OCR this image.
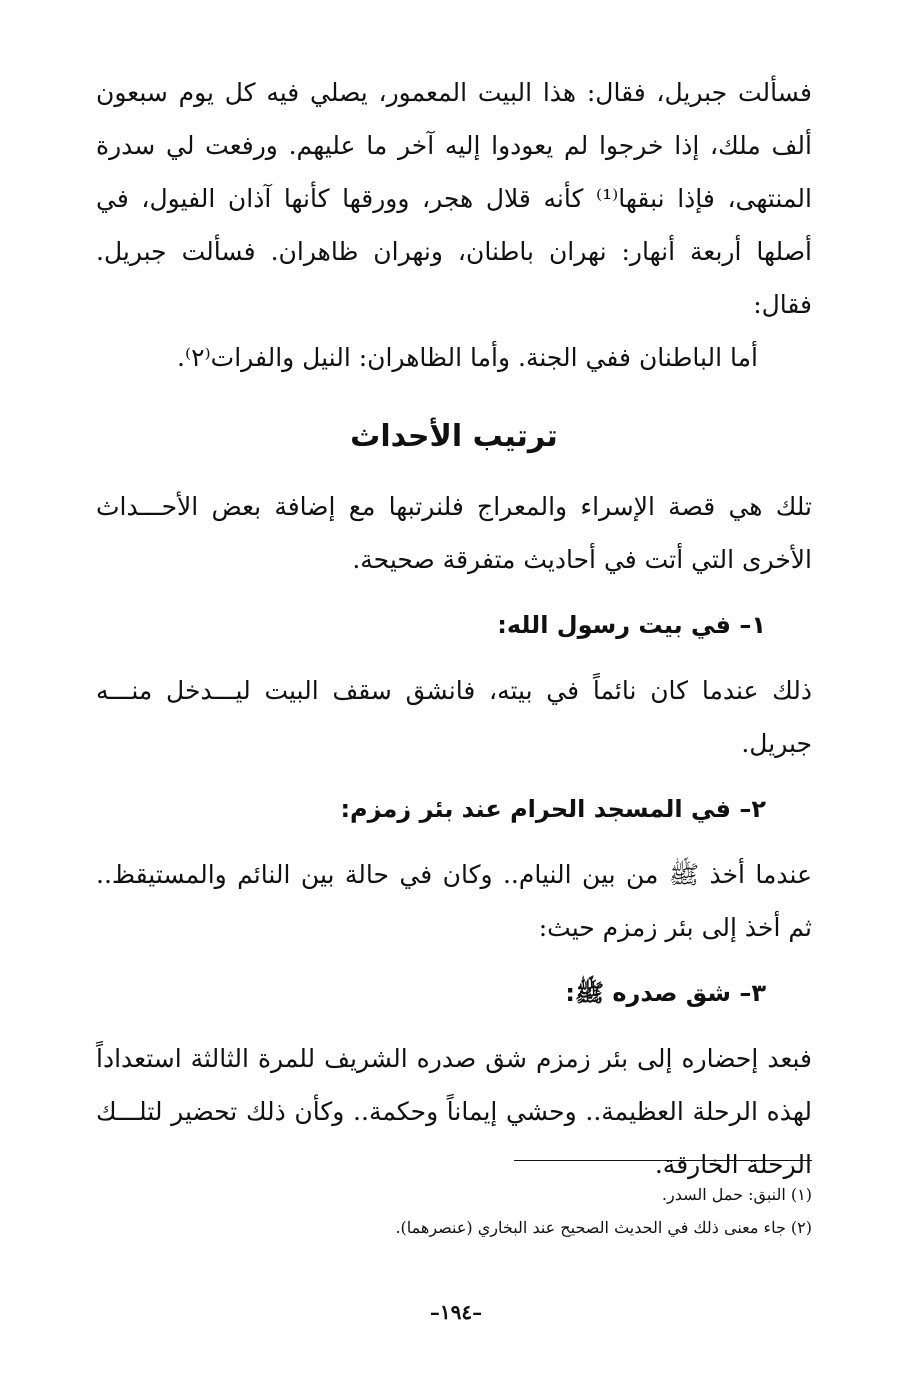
فسألت جبريل، فقال: هذا البيت المعمور، يصلي فيه كل يوم سبعون ألف ملك، إذا خرجوا لم يعودوا إليه آخر ما عليهم. ورفعت لي سدرة المنتهى، فإذا نبقها⁽¹⁾ كأنه قلال هجر، وورقها كأنها آذان الفيول، في أصلها أربعة أنهار: نهران باطنان، ونهران ظاهران. فسألت جبريل. فقال:

أما الباطنان ففي الجنة. وأما الظاهران: النيل والفرات⁽٢⁾.

ترتيب الأحداث

تلك هي قصة الإسراء والمعراج فلنرتبها مع إضافة بعض الأحـــداث الأخرى التي أتت في أحاديث متفرقة صحيحة.

١– في بيت رسول الله:

ذلك عندما كان نائماً في بيته، فانشق سقف البيت ليـــدخل منـــه جبريل.

٢– في المسجد الحرام عند بئر زمزم:

عندما أخذ ﷺ من بين النيام.. وكان في حالة بين النائم والمستيقظ.. ثم أخذ إلى بئر زمزم حيث:

٣– شق صدره ﷺ:

فبعد إحضاره إلى بئر زمزم شق صدره الشريف للمرة الثالثة استعداداً لهذه الرحلة العظيمة.. وحشي إيماناً وحكمة.. وكأن ذلك تحضير لتلـــك الرحلة الخارقة.

(١) النبق: حمل السدر.

(٢) جاء معنى ذلك في الحديث الصحيح عند البخاري (عنصرهما).

–١٩٤–
